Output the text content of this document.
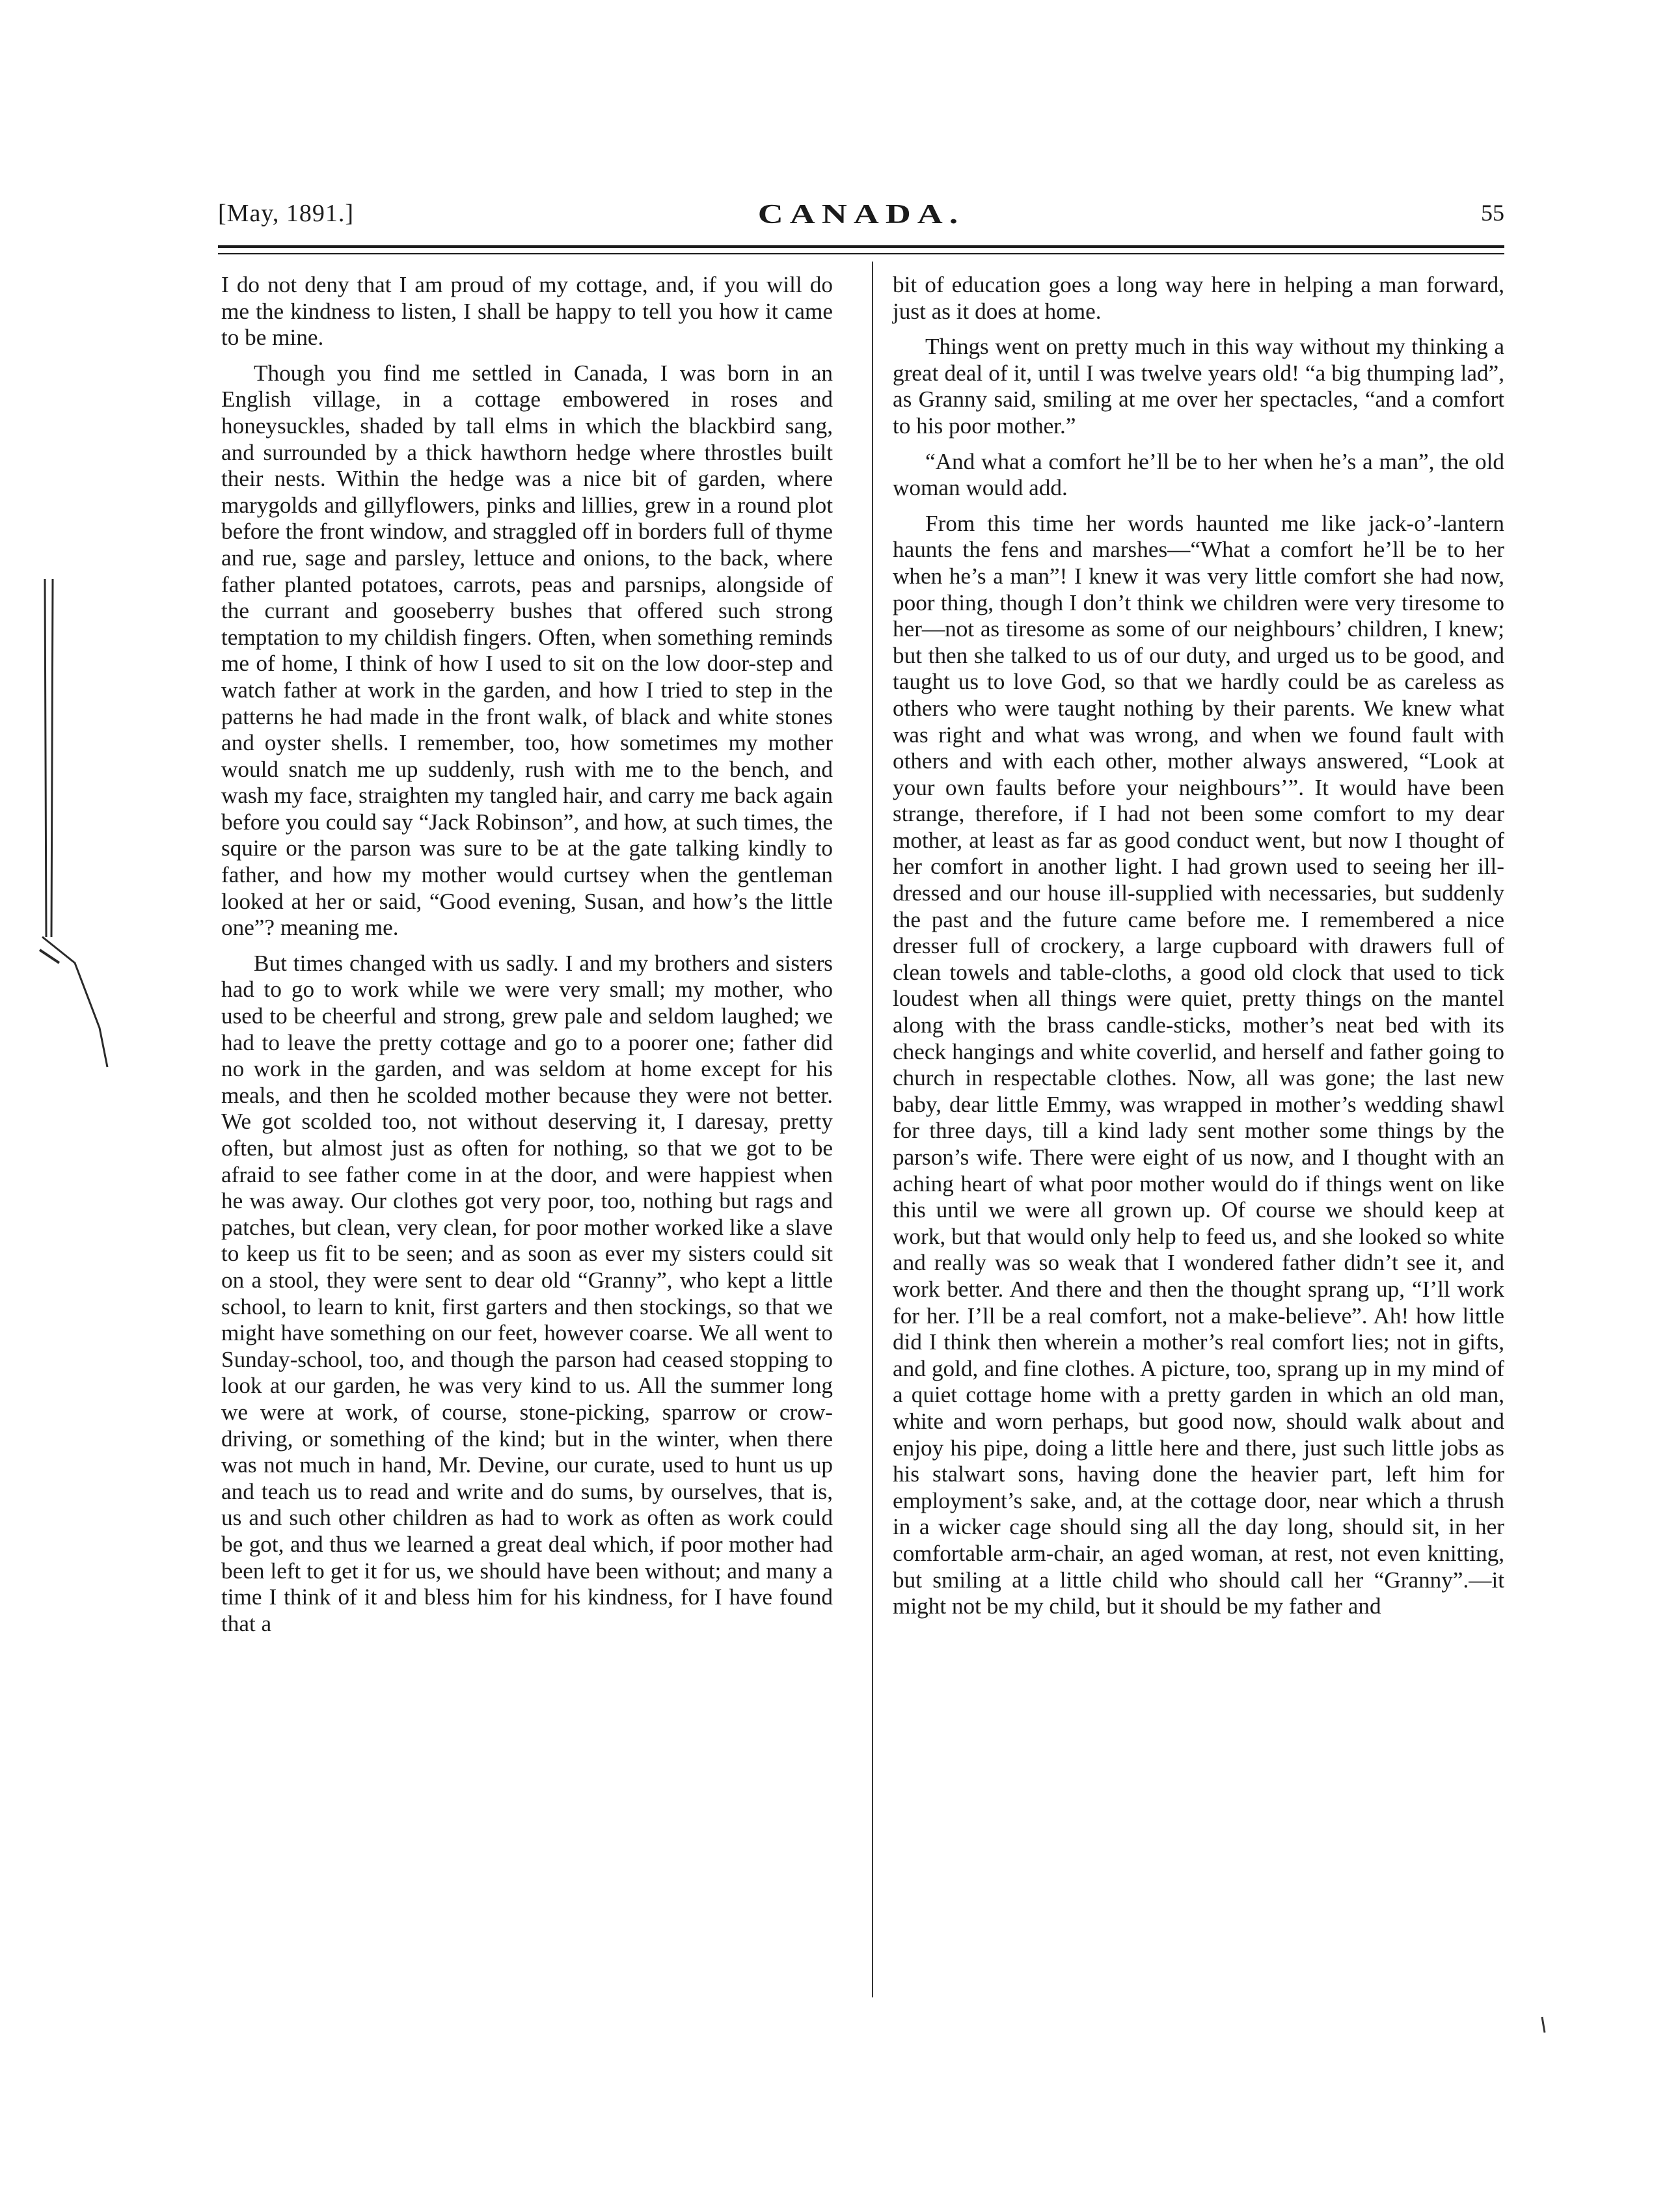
[May, 1891.]	CANADA.	55

I do not deny that I am proud of my cottage, and, if you will do me the kindness to listen, I shall be happy to tell you how it came to be mine.

Though you find me settled in Canada, I was born in an English village, in a cottage embowered in roses and honeysuckles, shaded by tall elms in which the blackbird sang, and surrounded by a thick hawthorn hedge where throstles built their nests. Within the hedge was a nice bit of garden, where marygolds and gillyflowers, pinks and lillies, grew in a round plot before the front window, and straggled off in borders full of thyme and rue, sage and parsley, lettuce and onions, to the back, where father planted potatoes, carrots, peas and parsnips, alongside of the currant and gooseberry bushes that offered such strong temptation to my childish fingers. Often, when something reminds me of home, I think of how I used to sit on the low door-step and watch father at work in the garden, and how I tried to step in the patterns he had made in the front walk, of black and white stones and oyster shells. I remember, too, how sometimes my mother would snatch me up suddenly, rush with me to the bench, and wash my face, straighten my tangled hair, and carry me back again before you could say “Jack Robinson”, and how, at such times, the squire or the parson was sure to be at the gate talking kindly to father, and how my mother would curtsey when the gentleman looked at her or said, “Good evening, Susan, and how’s the little one”? meaning me.

But times changed with us sadly. I and my brothers and sisters had to go to work while we were very small; my mother, who used to be cheerful and strong, grew pale and seldom laughed; we had to leave the pretty cottage and go to a poorer one; father did no work in the garden, and was seldom at home except for his meals, and then he scolded mother because they were not better. We got scolded too, not without deserving it, I daresay, pretty often, but almost just as often for nothing, so that we got to be afraid to see father come in at the door, and were happiest when he was away. Our clothes got very poor, too, nothing but rags and patches, but clean, very clean, for poor mother worked like a slave to keep us fit to be seen; and as soon as ever my sisters could sit on a stool, they were sent to dear old “Granny”, who kept a little school, to learn to knit, first garters and then stockings, so that we might have something on our feet, however coarse. We all went to Sunday-school, too, and though the parson had ceased stopping to look at our garden, he was very kind to us. All the summer long we were at work, of course, stone-picking, sparrow or crow-driving, or something of the kind; but in the winter, when there was not much in hand, Mr. Devine, our curate, used to hunt us up and teach us to read and write and do sums, by ourselves, that is, us and such other children as had to work as often as work could be got, and thus we learned a great deal which, if poor mother had been left to get it for us, we should have been without; and many a time I think of it and bless him for his kindness, for I have found that a

bit of education goes a long way here in helping a man forward, just as it does at home.

Things went on pretty much in this way without my thinking a great deal of it, until I was twelve years old! “a big thumping lad”, as Granny said, smiling at me over her spectacles, “and a comfort to his poor mother.”

“And what a comfort he’ll be to her when he’s a man”, the old woman would add.

From this time her words haunted me like jack-o’-lantern haunts the fens and marshes—“What a comfort he’ll be to her when he’s a man”! I knew it was very little comfort she had now, poor thing, though I don’t think we children were very tiresome to her—not as tiresome as some of our neighbours’ children, I knew; but then she talked to us of our duty, and urged us to be good, and taught us to love God, so that we hardly could be as careless as others who were taught nothing by their parents. We knew what was right and what was wrong, and when we found fault with others and with each other, mother always answered, “Look at your own faults before your neighbours’”. It would have been strange, therefore, if I had not been some comfort to my dear mother, at least as far as good conduct went, but now I thought of her comfort in another light. I had grown used to seeing her ill-dressed and our house ill-supplied with necessaries, but suddenly the past and the future came before me. I remembered a nice dresser full of crockery, a large cupboard with drawers full of clean towels and table-cloths, a good old clock that used to tick loudest when all things were quiet, pretty things on the mantel along with the brass candle-sticks, mother’s neat bed with its check hangings and white coverlid, and herself and father going to church in respectable clothes. Now, all was gone; the last new baby, dear little Emmy, was wrapped in mother’s wedding shawl for three days, till a kind lady sent mother some things by the parson’s wife. There were eight of us now, and I thought with an aching heart of what poor mother would do if things went on like this until we were all grown up. Of course we should keep at work, but that would only help to feed us, and she looked so white and really was so weak that I wondered father didn’t see it, and work better. And there and then the thought sprang up, “I’ll work for her. I’ll be a real comfort, not a make-believe”. Ah! how little did I think then wherein a mother’s real comfort lies; not in gifts, and gold, and fine clothes. A picture, too, sprang up in my mind of a quiet cottage home with a pretty garden in which an old man, white and worn perhaps, but good now, should walk about and enjoy his pipe, doing a little here and there, just such little jobs as his stalwart sons, having done the heavier part, left him for employment’s sake, and, at the cottage door, near which a thrush in a wicker cage should sing all the day long, should sit, in her comfortable arm-chair, an aged woman, at rest, not even knitting, but smiling at a little child who should call her “Granny”.—it might not be my child, but it should be my father and
